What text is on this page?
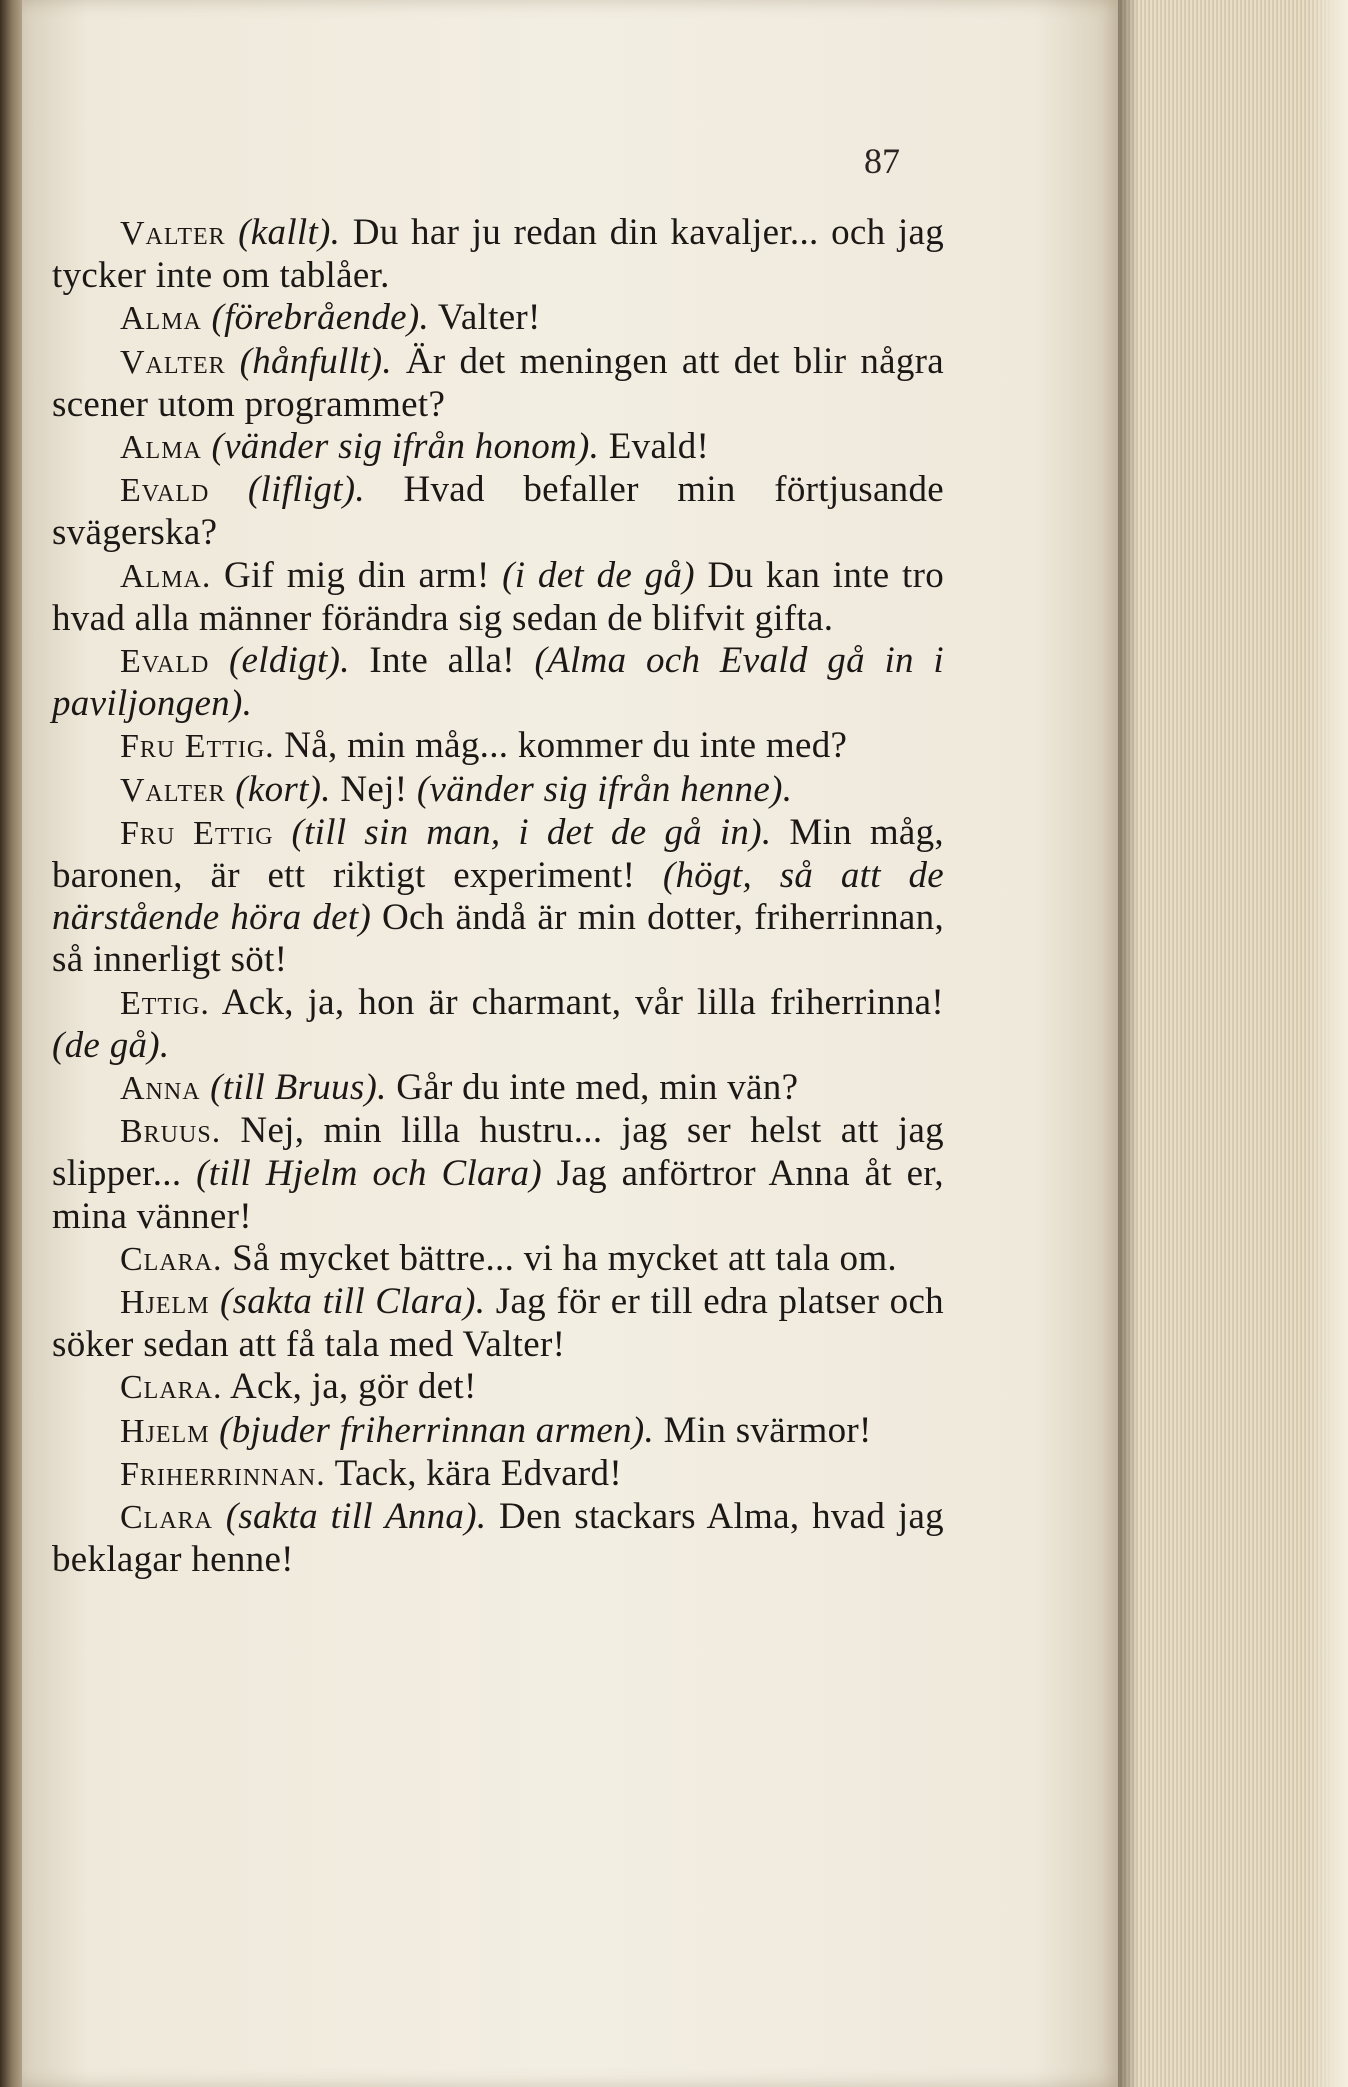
87

Valter (kallt). Du har ju redan din kavaljer... och jag tycker inte om tablåer.

Alma (förebrående). Valter!

Valter (hånfullt). Är det meningen att det blir några scener utom programmet?

Alma (vänder sig ifrån honom). Evald!

Evald (lifligt). Hvad befaller min förtjusande svägerska?

Alma. Gif mig din arm! (i det de gå) Du kan inte tro hvad alla männer förändra sig sedan de blifvit gifta.

Evald (eldigt). Inte alla! (Alma och Evald gå in i paviljongen).

Fru Ettig. Nå, min måg... kommer du inte med?

Valter (kort). Nej! (vänder sig ifrån henne).

Fru Ettig (till sin man, i det de gå in). Min måg, baronen, är ett riktigt experiment! (högt, så att de närstående höra det) Och ändå är min dotter, friherrinnan, så innerligt söt!

Ettig. Ack, ja, hon är charmant, vår lilla friherrinna! (de gå).

Anna (till Bruus). Går du inte med, min vän?

Bruus. Nej, min lilla hustru... jag ser helst att jag slipper... (till Hjelm och Clara) Jag anförtror Anna åt er, mina vänner!

Clara. Så mycket bättre... vi ha mycket att tala om.

Hjelm (sakta till Clara). Jag för er till edra platser och söker sedan att få tala med Valter!

Clara. Ack, ja, gör det!

Hjelm (bjuder friherrinnan armen). Min svärmor!

Friherrinnan. Tack, kära Edvard!

Clara (sakta till Anna). Den stackars Alma, hvad jag beklagar henne!
